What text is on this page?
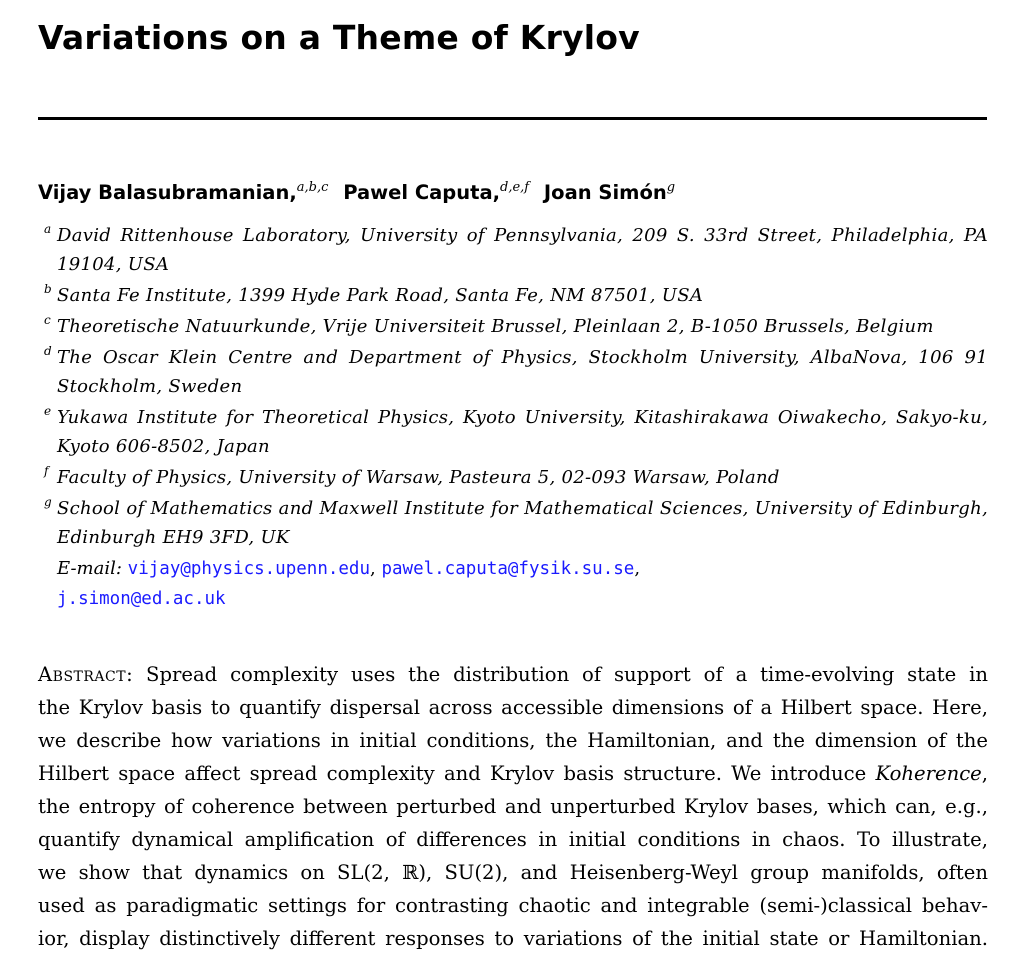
Variations on a Theme of Krylov
Vijay Balasubramanian,$^{a,b,c}$ Pawel Caputa,$^{d,e,f}$ Joan Simón$^g$
a David Rittenhouse Laboratory, University of Pennsylvania, 209 S. 33rd Street, Philadelphia, PA 19104, USA
b Santa Fe Institute, 1399 Hyde Park Road, Santa Fe, NM 87501, USA
c Theoretische Natuurkunde, Vrije Universiteit Brussel, Pleinlaan 2, B-1050 Brussels, Belgium
d The Oscar Klein Centre and Department of Physics, Stockholm University, AlbaNova, 106 91 Stockholm, Sweden
e Yukawa Institute for Theoretical Physics, Kyoto University, Kitashirakawa Oiwakecho, Sakyo-ku, Kyoto 606-8502, Japan
f Faculty of Physics, University of Warsaw, Pasteura 5, 02-093 Warsaw, Poland
g School of Mathematics and Maxwell Institute for Mathematical Sciences, University of Edinburgh, Edinburgh EH9 3FD, UK
E-mail: vijay@physics.upenn.edu, pawel.caputa@fysik.su.se,
j.simon@ed.ac.uk
Abstract: Spread complexity uses the distribution of support of a time-evolving state in
the Krylov basis to quantify dispersal across accessible dimensions of a Hilbert space. Here,
we describe how variations in initial conditions, the Hamiltonian, and the dimension of the
Hilbert space affect spread complexity and Krylov basis structure. We introduce Koherence,
the entropy of coherence between perturbed and unperturbed Krylov bases, which can, e.g.,
quantify dynamical amplification of differences in initial conditions in chaos. To illustrate,
we show that dynamics on SL(2, ℝ), SU(2), and Heisenberg-Weyl group manifolds, often
used as paradigmatic settings for contrasting chaotic and integrable (semi-)classical behav-
ior, display distinctively different responses to variations of the initial state or Hamiltonian.
